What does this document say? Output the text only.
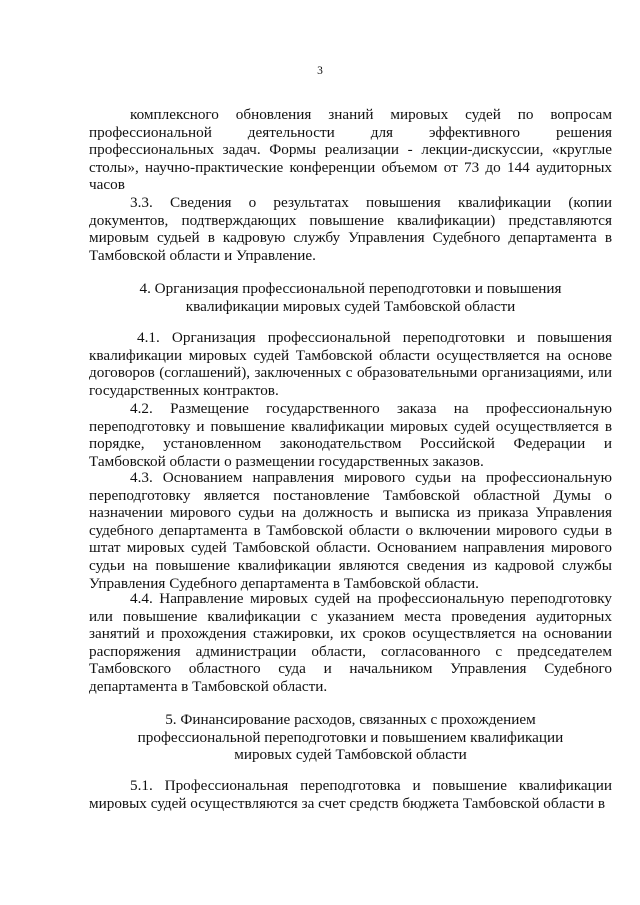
3

комплексного обновления знаний мировых судей по вопросам профессиональной деятельности для эффективного решения профессиональных задач. Формы реализации - лекции-дискуссии, «круглые столы», научно-практические конференции объемом от 73 до 144 аудиторных часов

3.3. Сведения о результатах повышения квалификации (копии документов, подтверждающих повышение квалификации) представляются мировым судьей в кадровую службу Управления Судебного департамента в Тамбовской области и Управление.

4. Организация профессиональной переподготовки и повышения
квалификации мировых судей Тамбовской области

4.1. Организация профессиональной переподготовки и повышения квалификации мировых судей Тамбовской области осуществляется на основе договоров (соглашений), заключенных с образовательными организациями, или государственных контрактов.

4.2. Размещение государственного заказа на профессиональную переподготовку и повышение квалификации мировых судей осуществляется в порядке, установленном законодательством Российской Федерации и Тамбовской области о размещении государственных заказов.

4.3. Основанием направления мирового судьи на профессиональную переподготовку является постановление Тамбовской областной Думы о назначении мирового судьи на должность и выписка из приказа Управления судебного департамента в Тамбовской области о включении мирового судьи в штат мировых судей Тамбовской области. Основанием направления мирового судьи на повышение квалификации являются сведения из кадровой службы Управления Судебного департамента в Тамбовской области.

4.4. Направление мировых судей на профессиональную переподготовку или повышение квалификации с указанием места проведения аудиторных занятий и прохождения стажировки, их сроков осуществляется на основании распоряжения администрации области, согласованного с председателем Тамбовского областного суда и начальником Управления Судебного департамента в Тамбовской области.

5. Финансирование расходов, связанных с прохождением
профессиональной переподготовки и повышением квалификации
мировых судей Тамбовской области

5.1. Профессиональная переподготовка и повышение квалификации мировых судей осуществляются за счет средств бюджета Тамбовской области в
